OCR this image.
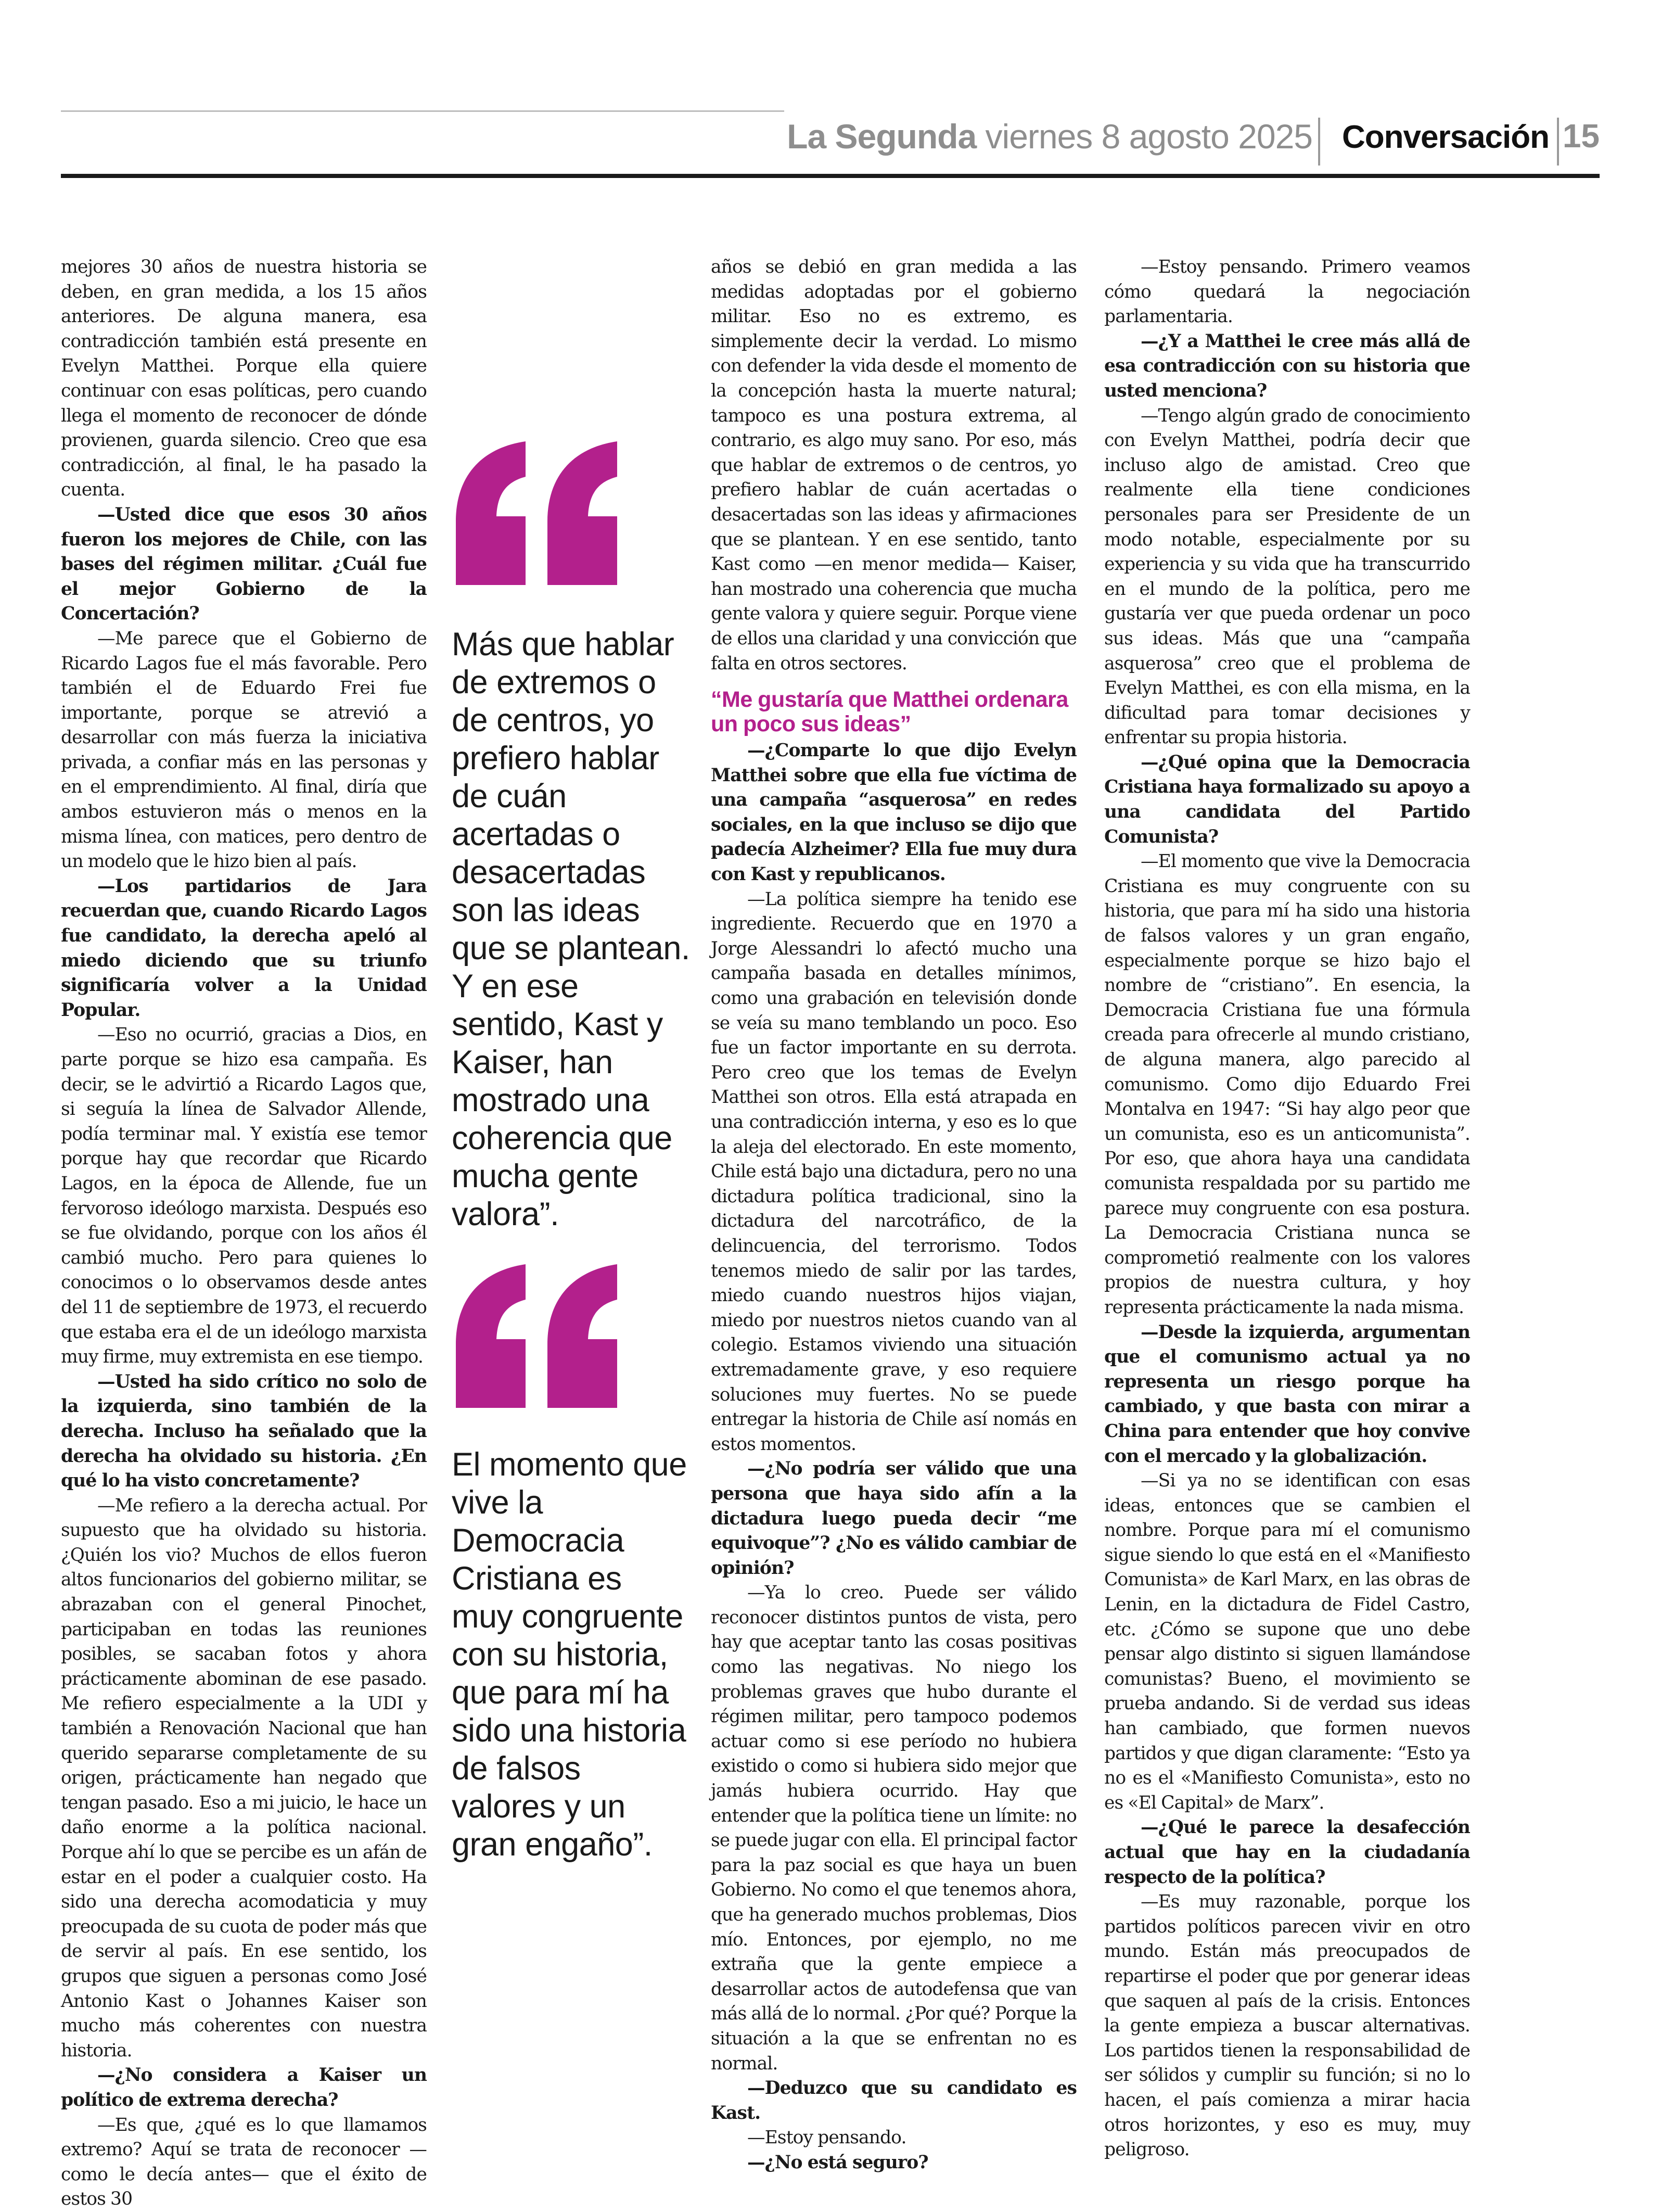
La Segunda viernes 8 agosto 2025 Conversación 15

mejores 30 años de nuestra historia se deben, en gran medida, a los 15 años anteriores. De alguna manera, esa contradicción también está presente en Evelyn Matthei. Porque ella quiere continuar con esas políticas, pero cuando llega el momento de reconocer de dónde provienen, guarda silencio. Creo que esa contradicción, al final, le ha pasado la cuenta.

—Usted dice que esos 30 años fueron los mejores de Chile, con las bases del régimen militar. ¿Cuál fue el mejor Gobierno de la Concertación?

—Me parece que el Gobierno de Ricardo Lagos fue el más favorable. Pero también el de Eduardo Frei fue importante, porque se atrevió a desarrollar con más fuerza la iniciativa privada, a confiar más en las personas y en el emprendimiento. Al final, diría que ambos estuvieron más o menos en la misma línea, con matices, pero dentro de un modelo que le hizo bien al país.

—Los partidarios de Jara recuerdan que, cuando Ricardo Lagos fue candidato, la derecha apeló al miedo diciendo que su triunfo significaría volver a la Unidad Popular.

—Eso no ocurrió, gracias a Dios, en parte porque se hizo esa campaña. Es decir, se le advirtió a Ricardo Lagos que, si seguía la línea de Salvador Allende, podía terminar mal. Y existía ese temor porque hay que recordar que Ricardo Lagos, en la época de Allende, fue un fervoroso ideólogo marxista. Después eso se fue olvidando, porque con los años él cambió mucho. Pero para quienes lo conocimos o lo observamos desde antes del 11 de septiembre de 1973, el recuerdo que estaba era el de un ideólogo marxista muy firme, muy extremista en ese tiempo.

—Usted ha sido crítico no solo de la izquierda, sino también de la derecha. Incluso ha señalado que la derecha ha olvidado su historia. ¿En qué lo ha visto concretamente?

—Me refiero a la derecha actual. Por supuesto que ha olvidado su historia. ¿Quién los vio? Muchos de ellos fueron altos funcionarios del gobierno militar, se abrazaban con el general Pinochet, participaban en todas las reuniones posibles, se sacaban fotos y ahora prácticamente abominan de ese pasado. Me refiero especialmente a la UDI y también a Renovación Nacional que han querido separarse completamente de su origen, prácticamente han negado que tengan pasado. Eso a mi juicio, le hace un daño enorme a la política nacional. Porque ahí lo que se percibe es un afán de estar en el poder a cualquier costo. Ha sido una derecha acomodaticia y muy preocupada de su cuota de poder más que de servir al país. En ese sentido, los grupos que siguen a personas como José Antonio Kast o Johannes Kaiser son mucho más coherentes con nuestra historia.

—¿No considera a Kaiser un político de extrema derecha?

—Es que, ¿qué es lo que llamamos extremo? Aquí se trata de reconocer —como le decía antes— que el éxito de estos 30

años se debió en gran medida a las medidas adoptadas por el gobierno militar. Eso no es extremo, es simplemente decir la verdad. Lo mismo con defender la vida desde el momento de la concepción hasta la muerte natural; tampoco es una postura extrema, al contrario, es algo muy sano. Por eso, más que hablar de extremos o de centros, yo prefiero hablar de cuán acertadas o desacertadas son las ideas y afirmaciones que se plantean. Y en ese sentido, tanto Kast como —en menor medida— Kaiser, han mostrado una coherencia que mucha gente valora y quiere seguir. Porque viene de ellos una claridad y una convicción que falta en otros sectores.

“Me gustaría que Matthei ordenara un poco sus ideas”

—¿Comparte lo que dijo Evelyn Matthei sobre que ella fue víctima de una campaña “asquerosa” en redes sociales, en la que incluso se dijo que padecía Alzheimer? Ella fue muy dura con Kast y republicanos.

—La política siempre ha tenido ese ingrediente. Recuerdo que en 1970 a Jorge Alessandri lo afectó mucho una campaña basada en detalles mínimos, como una grabación en televisión donde se veía su mano temblando un poco. Eso fue un factor importante en su derrota. Pero creo que los temas de Evelyn Matthei son otros. Ella está atrapada en una contradicción interna, y eso es lo que la aleja del electorado. En este momento, Chile está bajo una dictadura, pero no una dictadura política tradicional, sino la dictadura del narcotráfico, de la delincuencia, del terrorismo. Todos tenemos miedo de salir por las tardes, miedo cuando nuestros hijos viajan, miedo por nuestros nietos cuando van al colegio. Estamos viviendo una situación extremadamente grave, y eso requiere soluciones muy fuertes. No se puede entregar la historia de Chile así nomás en estos momentos.

—¿No podría ser válido que una persona que haya sido afín a la dictadura luego pueda decir “me equivoque”? ¿No es válido cambiar de opinión?

—Ya lo creo. Puede ser válido reconocer distintos puntos de vista, pero hay que aceptar tanto las cosas positivas como las negativas. No niego los problemas graves que hubo durante el régimen militar, pero tampoco podemos actuar como si ese período no hubiera existido o como si hubiera sido mejor que jamás hubiera ocurrido. Hay que entender que la política tiene un límite: no se puede jugar con ella. El principal factor para la paz social es que haya un buen Gobierno. No como el que tenemos ahora, que ha generado muchos problemas, Dios mío. Entonces, por ejemplo, no me extraña que la gente empiece a desarrollar actos de autodefensa que van más allá de lo normal. ¿Por qué? Porque la situación a la que se enfrentan no es normal.

—Deduzco que su candidato es Kast.

—Estoy pensando.

—¿No está seguro?

—Estoy pensando. Primero veamos cómo quedará la negociación parlamentaria.

—¿Y a Matthei le cree más allá de esa contradicción con su historia que usted menciona?

—Tengo algún grado de conocimiento con Evelyn Matthei, podría decir que incluso algo de amistad. Creo que realmente ella tiene condiciones personales para ser Presidente de un modo notable, especialmente por su experiencia y su vida que ha transcurrido en el mundo de la política, pero me gustaría ver que pueda ordenar un poco sus ideas. Más que una “campaña asquerosa” creo que el problema de Evelyn Matthei, es con ella misma, en la dificultad para tomar decisiones y enfrentar su propia historia.

—¿Qué opina que la Democracia Cristiana haya formalizado su apoyo a una candidata del Partido Comunista?

—El momento que vive la Democracia Cristiana es muy congruente con su historia, que para mí ha sido una historia de falsos valores y un gran engaño, especialmente porque se hizo bajo el nombre de “cristiano”. En esencia, la Democracia Cristiana fue una fórmula creada para ofrecerle al mundo cristiano, de alguna manera, algo parecido al comunismo. Como dijo Eduardo Frei Montalva en 1947: “Si hay algo peor que un comunista, eso es un anticomunista”. Por eso, que ahora haya una candidata comunista respaldada por su partido me parece muy congruente con esa postura. La Democracia Cristiana nunca se comprometió realmente con los valores propios de nuestra cultura, y hoy representa prácticamente la nada misma.

—Desde la izquierda, argumentan que el comunismo actual ya no representa un riesgo porque ha cambiado, y que basta con mirar a China para entender que hoy convive con el mercado y la globalización.

—Si ya no se identifican con esas ideas, entonces que se cambien el nombre. Porque para mí el comunismo sigue siendo lo que está en el «Manifiesto Comunista» de Karl Marx, en las obras de Lenin, en la dictadura de Fidel Castro, etc. ¿Cómo se supone que uno debe pensar algo distinto si siguen llamándose comunistas? Bueno, el movimiento se prueba andando. Si de verdad sus ideas han cambiado, que formen nuevos partidos y que digan claramente: “Esto ya no es el «Manifiesto Comunista», esto no es «El Capital» de Marx”.

—¿Qué le parece la desafección actual que hay en la ciudadanía respecto de la política?

—Es muy razonable, porque los partidos políticos parecen vivir en otro mundo. Están más preocupados de repartirse el poder que por generar ideas que saquen al país de la crisis. Entonces la gente empieza a buscar alternativas. Los partidos tienen la responsabilidad de ser sólidos y cumplir su función; si no lo hacen, el país comienza a mirar hacia otros horizontes, y eso es muy, muy peligroso.

Más que hablar de extremos o de centros, yo prefiero hablar de cuán acertadas o desacertadas son las ideas que se plantean. Y en ese sentido, Kast y Kaiser, han mostrado una coherencia que mucha gente valora”.
El momento que vive la Democracia Cristiana es muy congruente con su historia, que para mí ha sido una historia de falsos valores y un gran engaño”.
